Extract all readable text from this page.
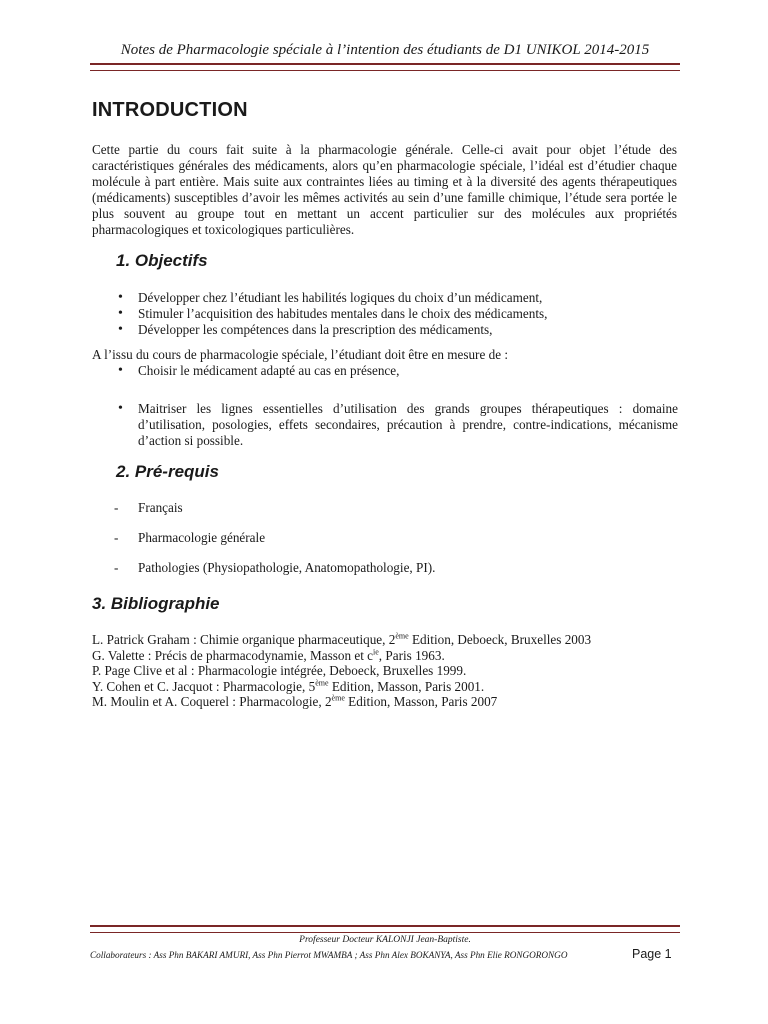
Notes de Pharmacologie spéciale à l’intention des étudiants de D1 UNIKOL 2014-2015
INTRODUCTION

Cette partie du cours fait suite à la pharmacologie générale. Celle-ci avait pour objet l’étude des caractéristiques générales des médicaments, alors qu’en pharmacologie spéciale, l’idéal est d’étudier chaque molécule à part entière. Mais suite aux contraintes liées au timing et à la diversité des agents thérapeutiques (médicaments) susceptibles d’avoir les mêmes activités au sein d’une famille chimique, l’étude sera portée le plus souvent au groupe tout en mettant un accent particulier sur des molécules aux propriétés pharmacologiques et toxicologiques particulières.

1. Objectifs
• Développer chez l’étudiant les habilités logiques du choix d’un médicament,
• Stimuler l’acquisition des habitudes mentales dans le choix des médicaments,
• Développer les compétences dans la prescription des médicaments,

A l’issu du cours de pharmacologie spéciale, l’étudiant doit être en mesure de :

• Choisir le médicament adapté au cas en présence,
• Maitriser les lignes essentielles d’utilisation des grands groupes thérapeutiques : domaine d’utilisation, posologies, effets secondaires, précaution à prendre, contre-indications, mécanisme d’action si possible.
2. Pré-requis
- Français
- Pharmacologie générale
- Pathologies (Physiopathologie, Anatomopathologie, PI).
3. Bibliographie
L. Patrick Graham : Chimie organique pharmaceutique, 2ème Edition, Deboeck, Bruxelles 2003
G. Valette : Précis de pharmacodynamie, Masson et $c^{ie}$, Paris 1963.
P. Page Clive et al : Pharmacologie intégrée, Deboeck, Bruxelles 1999.
Y. Cohen et C. Jacquot : Pharmacologie, 5ème Edition, Masson, Paris 2001.
M. Moulin et A. Coquerel : Pharmacologie, 2ème Edition, Masson, Paris 2007
Professeur Docteur KALONJI Jean-Baptiste.
Collaborateurs : Ass Phn BAKARI AMURI, Ass Phn Pierrot MWAMBA ; Ass Phn Alex BOKANYA, Ass Phn Elie RONGORONGO	Page 1
